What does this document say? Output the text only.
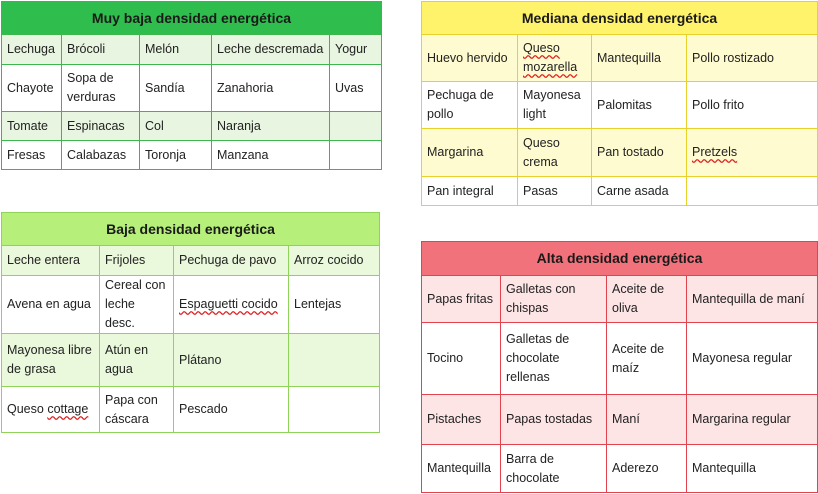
Muy baja densidad energética				
Lechuga	Brócoli	Melón	Leche descremada	Yogur
Chayote	Sopa de verduras	Sandía	Zanahoria	Uvas
Tomate	Espinacas	Col	Naranja	
Fresas	Calabazas	Toronja	Manzana	
Baja densidad energética			
Leche entera	Frijoles	Pechuga de pavo	Arroz cocido
Avena en agua	Cereal con leche desc.	Espaguetti cocido	Lentejas
Mayonesa libre de grasa	Atún en agua	Plátano	
Queso cottage	Papa con cáscara	Pescado	
Mediana densidad energética			
Huevo hervido	Queso mozarella	Mantequilla	Pollo rostizado
Pechuga de pollo	Mayonesa light	Palomitas	Pollo frito
Margarina	Queso crema	Pan tostado	Pretzels
Pan integral	Pasas	Carne asada	
Alta densidad energética			
Papas fritas	Galletas con chispas	Aceite de oliva	Mantequilla de maní
Tocino	Galletas de chocolate rellenas	Aceite de maíz	Mayonesa regular
Pistaches	Papas tostadas	Maní	Margarina regular
Mantequilla	Barra de chocolate	Aderezo	Mantequilla
